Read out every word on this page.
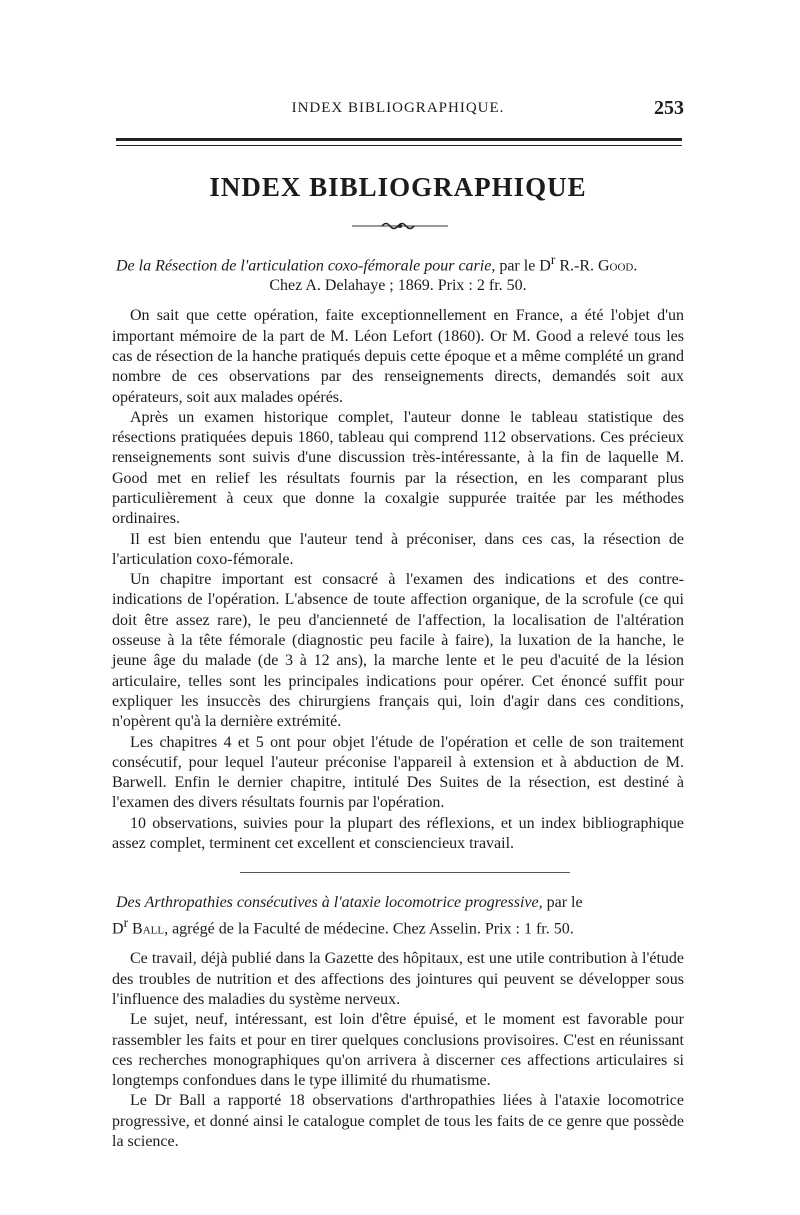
INDEX BIBLIOGRAPHIQUE.	253
INDEX BIBLIOGRAPHIQUE

De la Résection de l'articulation coxo-fémorale pour carie, par le $D^r$ R.-R. Good.
Chez A. Delahaye ; 1869. Prix : 2 fr. 50.

On sait que cette opération, faite exceptionnellement en France, a été l'objet d'un important mémoire de la part de M. Léon Lefort (1860). Or M. Good a relevé tous les cas de résection de la hanche pratiqués depuis cette époque et a même complété un grand nombre de ces observations par des renseignements directs, demandés soit aux opérateurs, soit aux malades opérés.

Après un examen historique complet, l'auteur donne le tableau statistique des résections pratiquées depuis 1860, tableau qui comprend 112 observations. Ces précieux renseignements sont suivis d'une discussion très-intéressante, à la fin de laquelle M. Good met en relief les résultats fournis par la résection, en les comparant plus particulièrement à ceux que donne la coxalgie suppurée traitée par les méthodes ordinaires.

Il est bien entendu que l'auteur tend à préconiser, dans ces cas, la résection de l'articulation coxo-fémorale.

Un chapitre important est consacré à l'examen des indications et des contre-indications de l'opération. L'absence de toute affection organique, de la scrofule (ce qui doit être assez rare), le peu d'ancienneté de l'affection, la localisation de l'altération osseuse à la tête fémorale (diagnostic peu facile à faire), la luxation de la hanche, le jeune âge du malade (de 3 à 12 ans), la marche lente et le peu d'acuité de la lésion articulaire, telles sont les principales indications pour opérer. Cet énoncé suffit pour expliquer les insuccès des chirurgiens français qui, loin d'agir dans ces conditions, n'opèrent qu'à la dernière extrémité.

Les chapitres 4 et 5 ont pour objet l'étude de l'opération et celle de son traitement consécutif, pour lequel l'auteur préconise l'appareil à extension et à abduction de M. Barwell. Enfin le dernier chapitre, intitulé Des Suites de la résection, est destiné à l'examen des divers résultats fournis par l'opération.

10 observations, suivies pour la plupart des réflexions, et un index bibliographique assez complet, terminent cet excellent et consciencieux travail.

Des Arthropathies consécutives à l'ataxie locomotrice progressive, par le
$D^r$ Ball, agrégé de la Faculté de médecine. Chez Asselin. Prix : 1 fr. 50.

Ce travail, déjà publié dans la Gazette des hôpitaux, est une utile contribution à l'étude des troubles de nutrition et des affections des jointures qui peuvent se développer sous l'influence des maladies du système nerveux.

Le sujet, neuf, intéressant, est loin d'être épuisé, et le moment est favorable pour rassembler les faits et pour en tirer quelques conclusions provisoires. C'est en réunissant ces recherches monographiques qu'on arrivera à discerner ces affections articulaires si longtemps confondues dans le type illimité du rhumatisme.

Le Dr Ball a rapporté 18 observations d'arthropathies liées à l'ataxie locomotrice progressive, et donné ainsi le catalogue complet de tous les faits de ce genre que possède la science.
